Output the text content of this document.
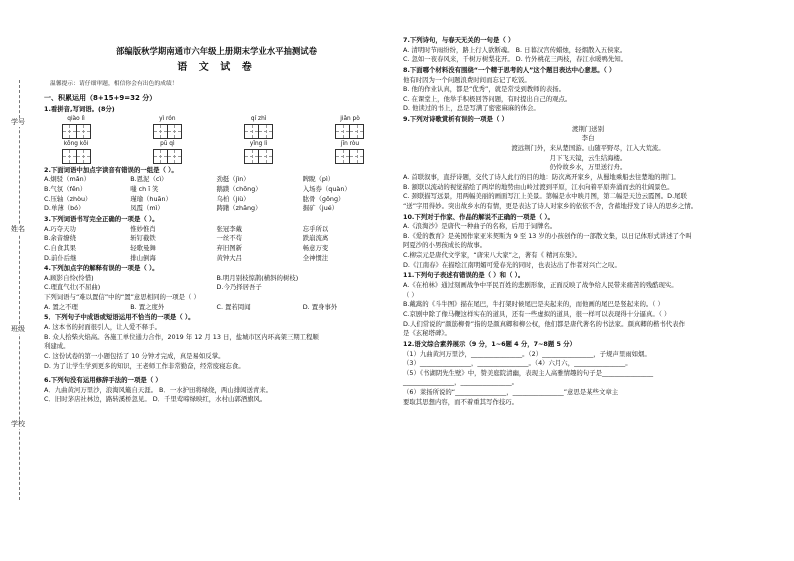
学号
姓名
班级
学校
部编版秋学期南通市六年级上册期末学业水平抽测试卷
语 文 试 卷
温馨提示：请仔细审题，相信你会有出色的成绩！
一、积累运用（8+15+9=32 分）
1.看拼音,写词语。(8分)
qiào lì	yì rón	qí zhì	jiǎn pò
kōng kōi	pū qì	yǐng lì	jīn ròu
2.下面词语中加点字读音有错误的一组是（ ）。
A.炯驳（mǎn）	B.恩泥（cì）	劲挺（jìn）	睥睨（pì）
B.气氛（fēn）	嗤 ch ī 笑	鹅蹼（chōng）	入场券（quàn）
C.压轴（zhòu）	瑾瑜（huān）	乌柏（jiù）	肱骨（ɡōnɡ）
D.单薄（bó）	凤霞（mì）	踌躇（zhāng）	掘矿（jué）
3.下列词语书写完全正确的一项是（ ）。
A.巧夺天功	惟妙惟肖	张冠李戴	忘乎所以
B.余音缭绕	斩钉截铁	一丝不苟	跌崩流离
C.自食其果	轻歌曼舞	弃旧图新	畅意万变
D.前仆后继	排山倒海	黄钟大吕	全神惯注
4.下列加点字的解释有误的一项是（ ）。
A.顾影自怜(怜惜)	B.明月别枝惊鹊(横斜的树枝)
C.理直气壮(不屈曲)	D.今乃择居吾子
下列词语与“难以置信”中的“置”意思相同的一项是（ ）
A. 置之不理	B. 置之度外	C. 置若罔闻	D. 置身事外
5．下列句子中成语或短语运用不恰当的一项是（ ）。
A. 这本书的封面很引人，让人爱不释手。
B. 众人拾柴火焰高。各施工单位通力合作，2019 年 12 月 13 日，盐城市区内环高架三期工程顺
利建成。
C. 这份试卷的第一小题包括了 10 分钟才完成，真是易如反掌。
D. 为了让学生学到更多的知识，王老师工作非常勤奋，经常废寝忘食。
6.下列句没有运用修辞手法的一项是（ ）
A．九曲黄河万里沙，浪淘风簸自天涯。 B．一水护田将绿绕，两山排闼送青来。
C．旧时茅店社林边，路转溪桥忽见。 D．千里莺啼绿映红，水村山郭酒旗风。
7.下列诗句，与春天无关的一句是（ ）
A. 清明时节雨纷纷，路上行人欲断魂。 B. 日暮汉宫传蜡烛，轻烟散入五侯家。
C. 忽如一夜春风来，千树万树梨花开。 D. 竹外桃花三两枝，春江水暖鸭先知。
8.下面哪个材料没有围绕“一个精于思考的人”这个题目表达中心意思。（ ）
他有时因为一个问题浪费时间而忘记了吃饭。
B. 他的作业认真，都是“优秀”，就是常受到教师的表扬。
C. 在课堂上，他举手积极回答问题，有时提出自己的观点。
D. 他读过的书上，总是写满了密密麻麻的体会。
9.下列对诗歌赏析有误的一项是（ ）
渡荆门送别
李白
渡远荆门外，来从楚国游。山随平野尽，江入大荒流。
月下飞天镜，云生结海楼。
仍怜故乡水，万里送行舟。
A. 首联叙事，直抒诗题，交代了诗人此行的目的地：防次离开家乡，从蜀地乘船去往楚地的荆门。
B. 颔联以流动的视觉描绘了两岸的地势由山岭过渡到平原，江水向着平原奔涌而去的壮阔景色。
C. 颈联描写远景，用两幅美丽的画面写江上美景。第幅是水中映月图，第二幅是天边云霞图。D.尾联
“送”字用得妙。突出故乡水的有情，更是表达了诗人对家乡的依依不舍，含蓄地抒发了诗人的思乡之情。
10.下列对于作家、作品的解说不正确的一项是（ ）。
A.《浪淘沙》是唐代一种曲子的名称，后用于词牌名。
B.《爱的教育》是英国作家亚米契斯为 9 至 13 岁的小孩创作的一部散文集，以日记体形式讲述了个叫
阿夏沙的小男孩成长的故事。
C.柳宗元是唐代文学家，“唐宋八大家”之，著有《 精河东集》。
D.《江南春》在描绘江南明媚可爱春光的同时，也表达出了作者对兴亡之叹。
11.下列句子表述有错误的是（ ）和（ ）。
A.《在柏林》通过刻画战争中平民百姓的悲剧形象，正面反映了战争给人民带来痛苦的残酷现实。
（ ）
B.戴嵩的《斗牛图》描在尾巴，牛打架时候尾巴是夹起来的，而他画的尾巴是竖起来的。（ ）
C.京剧中除了像马鞭这样实在的道具，还有一些虚拟的道具，很一样可以表现得十分逼真。（ ）
D.人们常说的“颜筋柳骨”指的是颜真卿和柳公权，他们都是唐代著名的书法家。颜真卿的楷书代表作
是《玄秘塔碑》。
12.语文综合素养展示（9 分，1~6题 4 分，7~8题 5 分）
（1）九曲黄河万里沙，________________。（2）________________，子规声里雨如烟。
（3）________________，________________。（4）六月六，________________。
（5）《书湖阴先生壁》中，赞美庭院清幽，表现主人高雅情趣的句子是________________
________________，________________。
（6）莱扬所说的“________________，________________”意思是某些文章主
要取其思想内容，而不着重其写作技巧。
